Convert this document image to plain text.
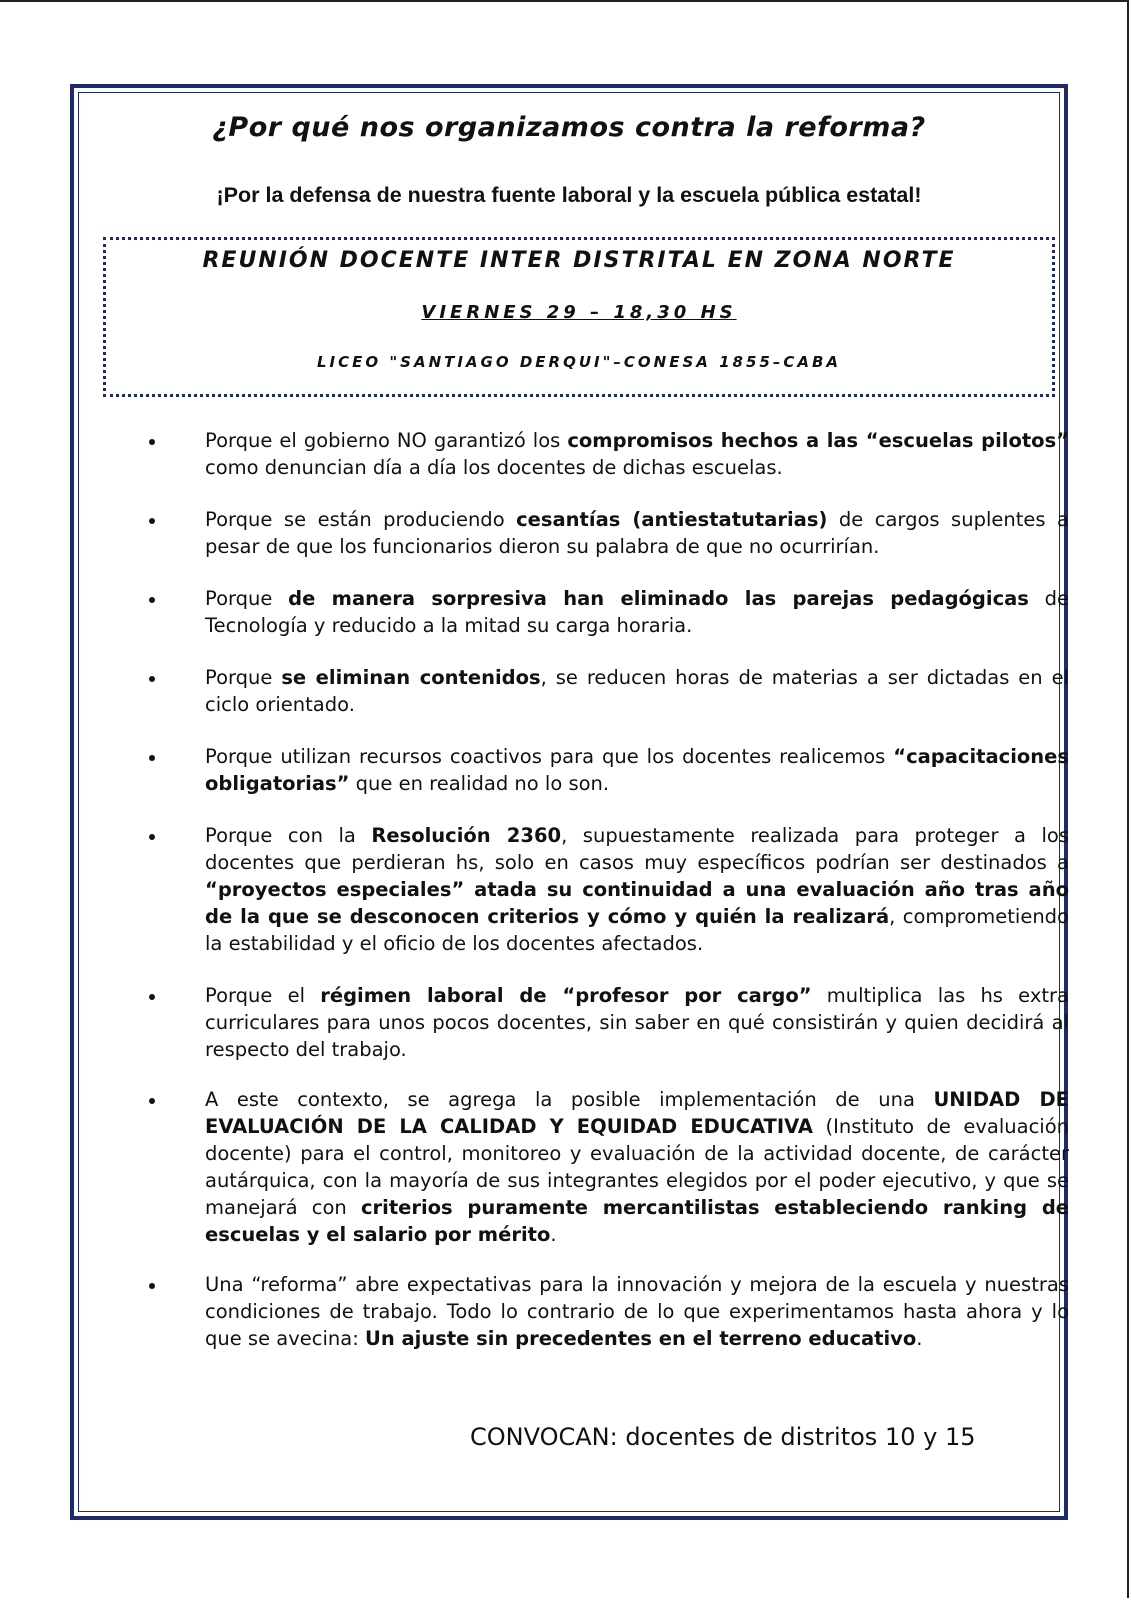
¿Por qué nos organizamos contra la reforma?

¡Por la defensa de nuestra fuente laboral y la escuela pública estatal!

REUNIÓN DOCENTE INTER DISTRITAL EN ZONA NORTE

VIERNES 29 – 18,30 HS

LICEO "SANTIAGO DERQUI"–CONESA 1855–CABA

Porque el gobierno NO garantizó los compromisos hechos a las “escuelas pilotos” como denuncian día a día los docentes de dichas escuelas.
Porque se están produciendo cesantías (antiestatutarias) de cargos suplentes a pesar de que los funcionarios dieron su palabra de que no ocurrirían.
Porque de manera sorpresiva han eliminado las parejas pedagógicas de Tecnología y reducido a la mitad su carga horaria.
Porque se eliminan contenidos, se reducen horas de materias a ser dictadas en el ciclo orientado.
Porque utilizan recursos coactivos para que los docentes realicemos “capacitaciones obligatorias” que en realidad no lo son.
Porque con la Resolución 2360, supuestamente realizada para proteger a los docentes que perdieran hs, solo en casos muy específicos podrían ser destinados a “proyectos especiales” atada su continuidad a una evaluación año tras año de la que se desconocen criterios y cómo y quién la realizará, comprometiendo la estabilidad y el oficio de los docentes afectados.
Porque el régimen laboral de “profesor por cargo” multiplica las hs extra curriculares para unos pocos docentes, sin saber en qué consistirán y quien decidirá al respecto del trabajo.
A este contexto, se agrega la posible implementación de una UNIDAD DE EVALUACIÓN DE LA CALIDAD Y EQUIDAD EDUCATIVA (Instituto de evaluación docente) para el control, monitoreo y evaluación de la actividad docente, de carácter autárquica, con la mayoría de sus integrantes elegidos por el poder ejecutivo, y que se manejará con criterios puramente mercantilistas estableciendo ranking de escuelas y el salario por mérito.
Una “reforma” abre expectativas para la innovación y mejora de la escuela y nuestras condiciones de trabajo. Todo lo contrario de lo que experimentamos hasta ahora y lo que se avecina: Un ajuste sin precedentes en el terreno educativo.

CONVOCAN: docentes de distritos 10 y 15
